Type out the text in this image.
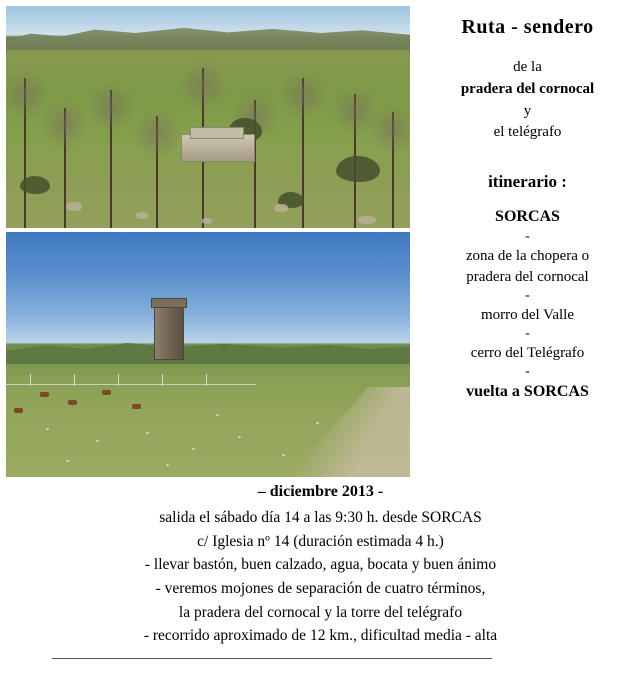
Ruta - sendero
de la
pradera del cornocal
y
el telégrafo
itinerario :
SORCAS
-
zona de la chopera o
pradera del cornocal
-
morro del Valle
-
cerro del Telégrafo
-
vuelta a SORCAS
– diciembre 2013 -
salida el sábado día 14 a las 9:30 h. desde SORCAS
c/ Iglesia nº 14 (duración estimada 4 h.)
- llevar bastón, buen calzado, agua, bocata y buen ánimo
- veremos mojones de separación de cuatro términos,
la pradera del cornocal y la torre del telégrafo
- recorrido aproximado de 12 km., dificultad media - alta
